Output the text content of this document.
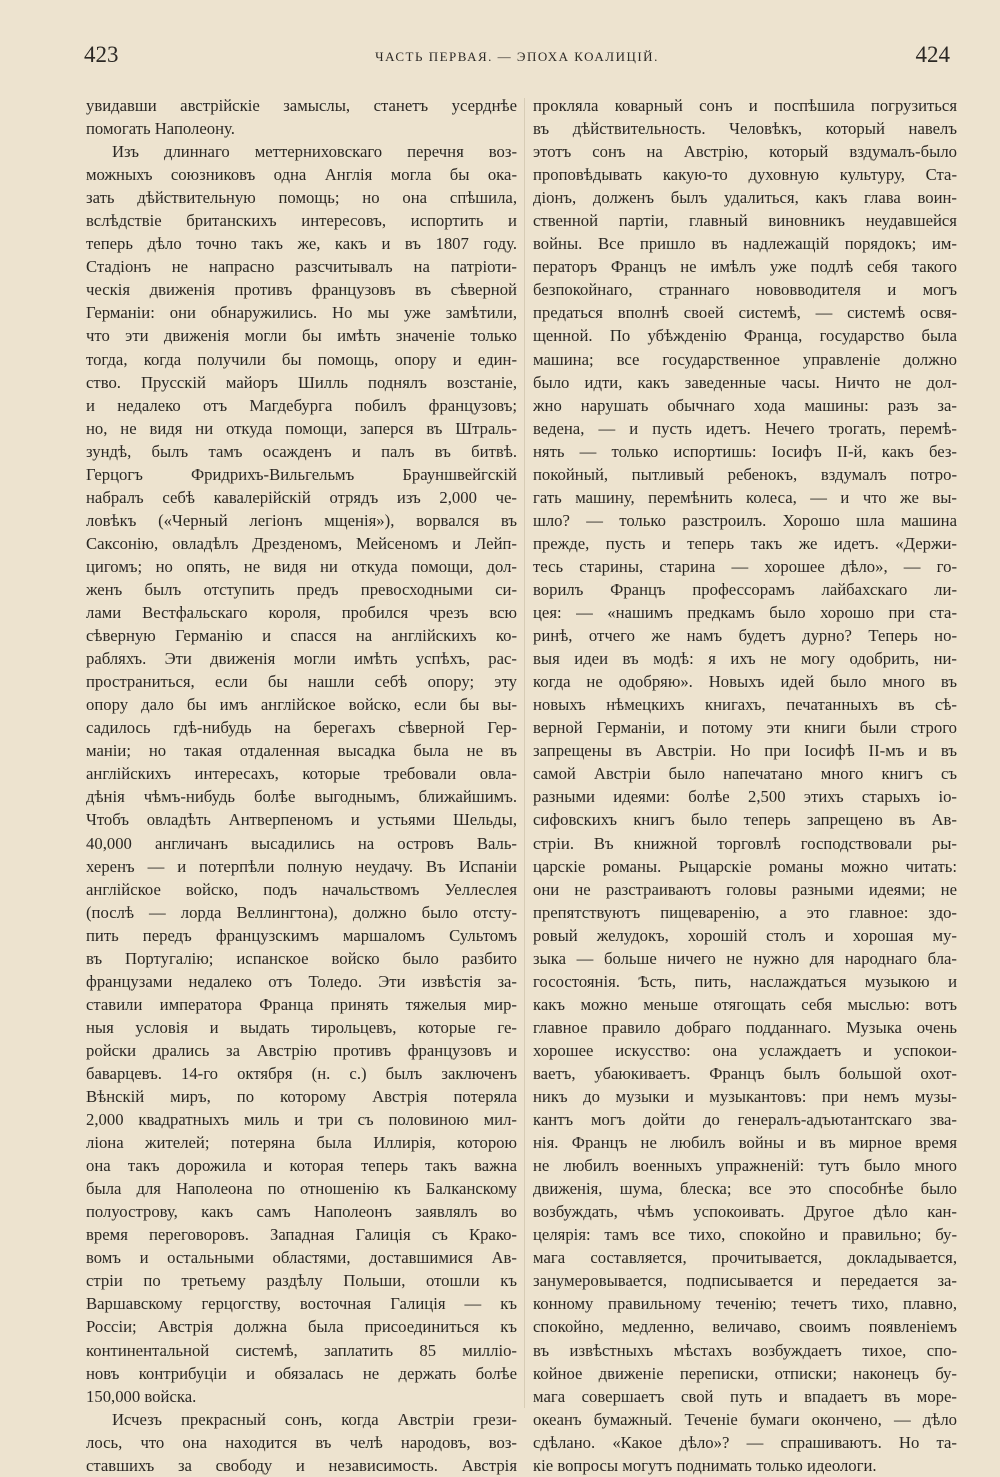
423	ЧАСТЬ ПЕРВАЯ. — ЭПОХА КОАЛИЦІЙ.	424
увидавши австрійскіе замыслы, станетъ усерднѣе
помогать Наполеону.
Изъ длиннаго меттерниховскаго перечня воз-
можныхъ союзниковъ одна Англія могла бы ока-
зать дѣйствительную помощь; но она спѣшила,
вслѣдствіе британскихъ интересовъ, испортить и
теперь дѣло точно такъ же, какъ и въ 1807 году.
Стадіонъ не напрасно разсчитывалъ на патріоти-
ческія движенія противъ французовъ въ сѣверной
Германіи: они обнаружились. Но мы уже замѣтили,
что эти движенія могли бы имѣть значеніе только
тогда, когда получили бы помощь, опору и един-
ство. Прусскій майоръ Шилль поднялъ возстаніе,
и недалеко отъ Магдебурга побилъ французовъ;
но, не видя ни откуда помощи, заперся въ Штраль-
зундѣ, былъ тамъ осажденъ и палъ въ битвѣ.
Герцогъ Фридрихъ-Вильгельмъ Брауншвейгскій
набралъ себѣ кавалерійскій отрядъ изъ 2,000 че-
ловѣкъ («Черный легіонъ мщенія»), ворвался въ
Саксонію, овладѣлъ Дрезденомъ, Мейсеномъ и Лейп-
цигомъ; но опять, не видя ни откуда помощи, дол-
женъ былъ отступить предъ превосходными си-
лами Вестфальскаго короля, пробился чрезъ всю
сѣверную Германію и спасся на англійскихъ ко-
рабляхъ. Эти движенія могли имѣть успѣхъ, рас-
пространиться, если бы нашли себѣ опору; эту
опору дало бы имъ англійское войско, если бы вы-
садилось гдѣ-нибудь на берегахъ сѣверной Гер-
маніи; но такая отдаленная высадка была не въ
англійскихъ интересахъ, которые требовали овла-
дѣнія чѣмъ-нибудь болѣе выгоднымъ, ближайшимъ.
Чтобъ овладѣть Антверпеномъ и устьями Шельды,
40,000 англичанъ высадились на островъ Валь-
херенъ — и потерпѣли полную неудачу. Въ Испаніи
англійское войско, подъ начальствомъ Уеллеслея
(послѣ — лорда Веллингтона), должно было отсту-
пить передъ французскимъ маршаломъ Сультомъ
въ Португалію; испанское войско было разбито
французами недалеко отъ Толедо. Эти извѣстія за-
ставили императора Франца принять тяжелыя мир-
ныя условія и выдать тирольцевъ, которые ге-
ройски дрались за Австрію противъ французовъ и
баварцевъ. 14-го октября (н. с.) былъ заключенъ
Вѣнскій миръ, по которому Австрія потеряла
2,000 квадратныхъ миль и три съ половиною мил-
ліона жителей; потеряна была Иллирія, которою
она такъ дорожила и которая теперь такъ важна
была для Наполеона по отношенію къ Балканскому
полуострову, какъ самъ Наполеонъ заявлялъ во
время переговоровъ. Западная Галиція съ Крако-
вомъ и остальными областями, доставшимися Ав-
стріи по третьему раздѣлу Польши, отошли къ
Варшавскому герцогству, восточная Галиція — къ
Россіи; Австрія должна была присоединиться къ
континентальной системѣ, заплатить 85 милліо-
новъ контрибуціи и обязалась не держать болѣе
150,000 войска.
Исчезъ прекрасный сонъ, когда Австріи грези-
лось, что она находится въ челѣ народовъ, воз-
ставшихъ за свободу и независимость. Австрія
прокляла коварный сонъ и поспѣшила погрузиться
въ дѣйствительность. Человѣкъ, который навелъ
этотъ сонъ на Австрію, который вздумалъ-было
проповѣдывать какую-то духовную культуру, Ста-
діонъ, долженъ былъ удалиться, какъ глава воин-
ственной партіи, главный виновникъ неудавшейся
войны. Все пришло въ надлежащій порядокъ; им-
ператоръ Францъ не имѣлъ уже подлѣ себя такого
безпокойнаго, страннаго нововводителя и могъ
предаться вполнѣ своей системѣ, — системѣ освя-
щенной. По убѣжденію Франца, государство была
машина; все государственное управленіе должно
было идти, какъ заведенные часы. Ничто не дол-
жно нарушать обычнаго хода машины: разъ за-
ведена, — и пусть идетъ. Нечего трогать, перемѣ-
нять — только испортишь: Іосифъ II-й, какъ без-
покойный, пытливый ребенокъ, вздумалъ потро-
гать машину, перемѣнить колеса, — и что же вы-
шло? — только разстроилъ. Хорошо шла машина
прежде, пусть и теперь такъ же идетъ. «Держи-
тесь старины, старина — хорошее дѣло», — го-
ворилъ Францъ профессорамъ лайбахскаго ли-
цея: — «нашимъ предкамъ было хорошо при ста-
ринѣ, отчего же намъ будетъ дурно? Теперь но-
выя идеи въ модѣ: я ихъ не могу одобрить, ни-
когда не одобряю». Новыхъ идей было много въ
новыхъ нѣмецкихъ книгахъ, печатанныхъ въ сѣ-
верной Германіи, и потому эти книги были строго
запрещены въ Австріи. Но при Іосифѣ II-мъ и въ
самой Австріи было напечатано много книгъ съ
разными идеями: болѣе 2,500 этихъ старыхъ іо-
сифовскихъ книгъ было теперь запрещено въ Ав-
стріи. Въ книжной торговлѣ господствовали ры-
царскіе романы. Рыцарскіе романы можно читать:
они не разстраиваютъ головы разными идеями; не
препятствуютъ пищеваренію, а это главное: здо-
ровый желудокъ, хорошій столъ и хорошая му-
зыка — больше ничего не нужно для народнаго бла-
госостоянія. Ѣсть, пить, наслаждаться музыкою и
какъ можно меньше отягощать себя мыслью: вотъ
главное правило добраго подданнаго. Музыка очень
хорошее искусство: она услаждаетъ и успокои-
ваетъ, убаюкиваетъ. Францъ былъ большой охот-
никъ до музыки и музыкантовъ: при немъ музы-
кантъ могъ дойти до генералъ-адъютантскаго зва-
нія. Францъ не любилъ войны и въ мирное время
не любилъ военныхъ упражненій: тутъ было много
движенія, шума, блеска; все это способнѣе было
возбуждать, чѣмъ успокоивать. Другое дѣло кан-
целярія: тамъ все тихо, спокойно и правильно; бу-
мага составляется, прочитывается, докладывается,
занумеровывается, подписывается и передается за-
конному правильному теченію; течетъ тихо, плавно,
спокойно, медленно, величаво, своимъ появленіемъ
въ извѣстныхъ мѣстахъ возбуждаетъ тихое, спо-
койное движеніе переписки, отписки; наконецъ бу-
мага совершаетъ свой путь и впадаетъ въ море-
океанъ бумажный. Теченіе бумаги окончено, — дѣло
сдѣлано. «Какое дѣло»? — спрашиваютъ. Но та-
кіе вопросы могутъ поднимать только идеологи.
